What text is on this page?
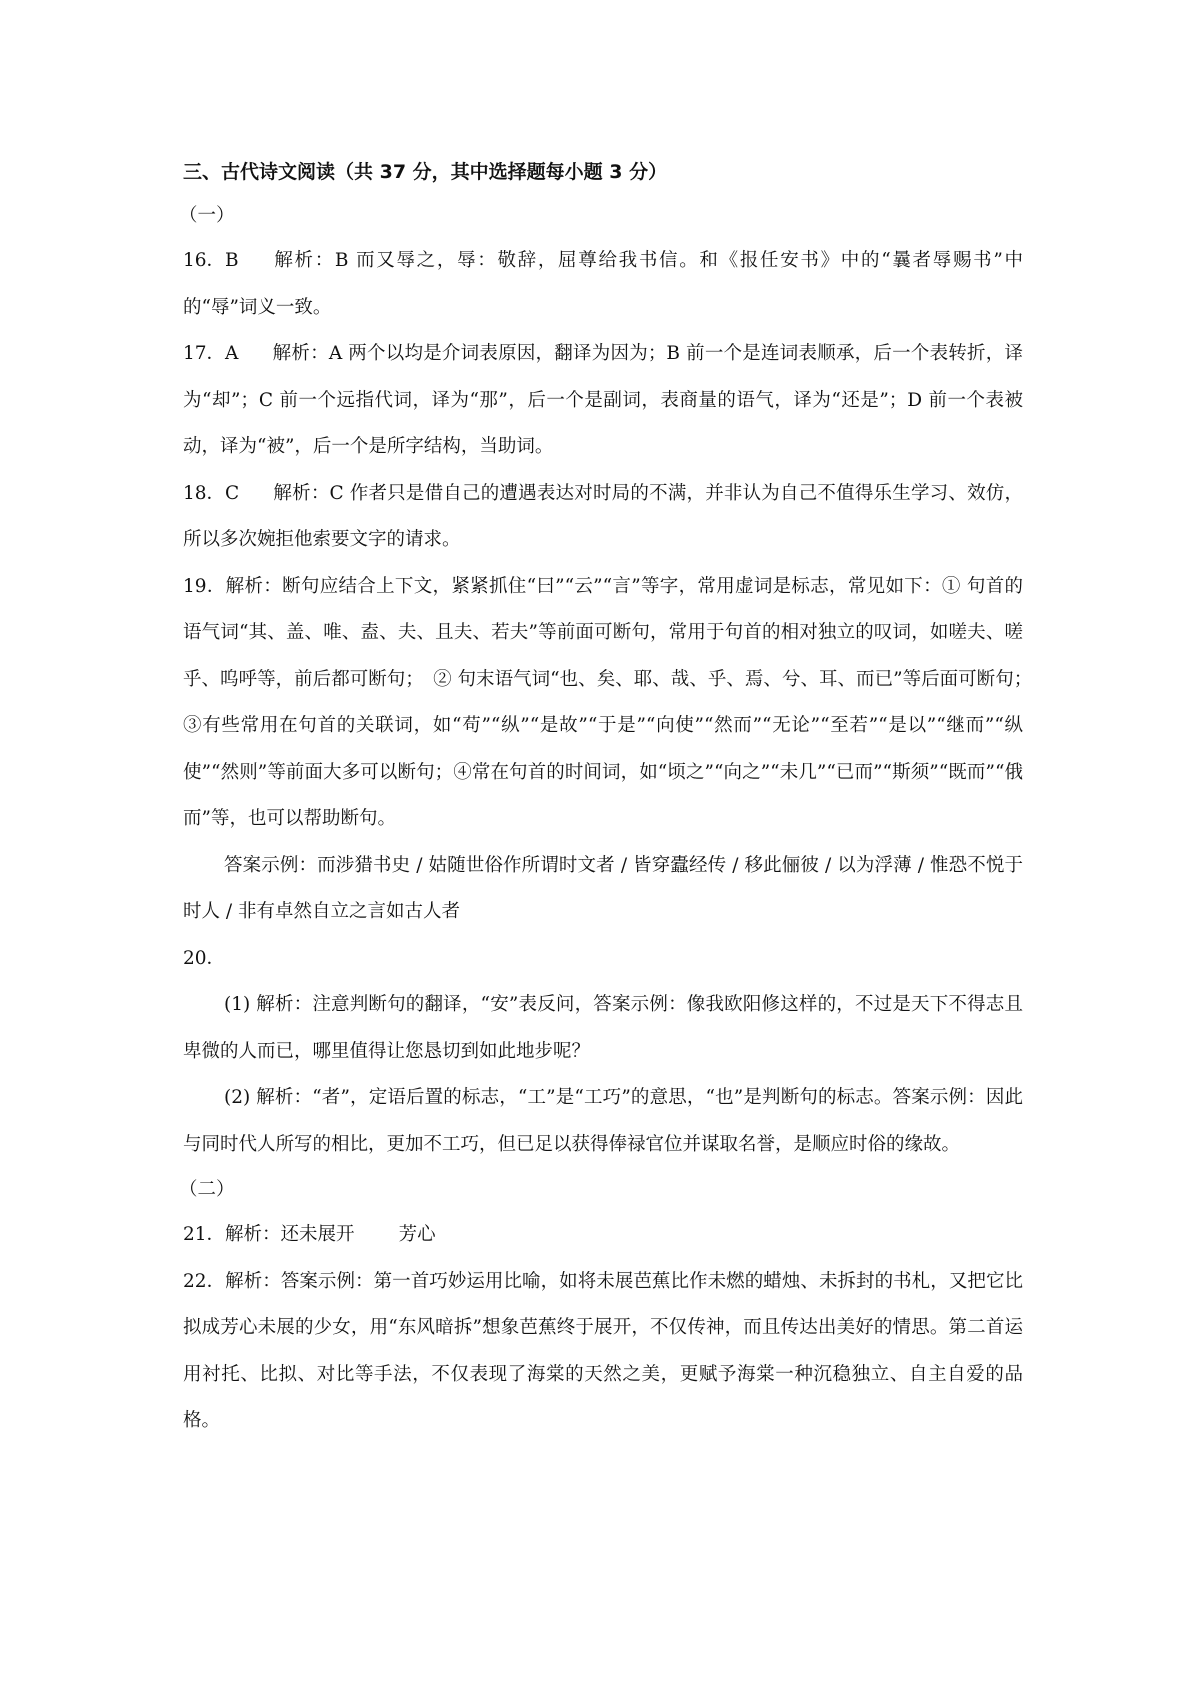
三、古代诗文阅读（共 37 分，其中选择题每小题 3 分）

（一）

16．B 解析：B 而又辱之，辱：敬辞，屈尊给我书信。和《报任安书》中的“曩者辱赐书”中的“辱”词义一致。

17．A 解析：A 两个以均是介词表原因，翻译为因为；B 前一个是连词表顺承，后一个表转折，译为“却”；C 前一个远指代词，译为“那”，后一个是副词，表商量的语气，译为“还是”；D 前一个表被动，译为“被”，后一个是所字结构，当助词。

18．C 解析：C 作者只是借自己的遭遇表达对时局的不满，并非认为自己不值得乐生学习、效仿，所以多次婉拒他索要文字的请求。

19．解析：断句应结合上下文，紧紧抓住“曰”“云”“言”等字，常用虚词是标志，常见如下：① 句首的语气词“其、盖、唯、盍、夫、且夫、若夫”等前面可断句，常用于句首的相对独立的叹词，如嗟夫、嗟乎、呜呼等，前后都可断句；　② 句末语气词“也、矣、耶、哉、乎、焉、兮、耳、而已”等后面可断句；　③有些常用在句首的关联词，如“苟”“纵”“是故”“于是”“向使”“然而”“无论”“至若”“是以”“继而”“纵使”“然则”等前面大多可以断句；④常在句首的时间词，如“顷之”“向之”“未几”“已而”“斯须”“既而”“俄而”等，也可以帮助断句。

答案示例：而涉猎书史 / 姑随世俗作所谓时文者 / 皆穿蠹经传 / 移此俪彼 / 以为浮薄 / 惟恐不悦于时人 / 非有卓然自立之言如古人者

20．

(1) 解析：注意判断句的翻译，“安”表反问，答案示例：像我欧阳修这样的，不过是天下不得志且卑微的人而已，哪里值得让您恳切到如此地步呢？

(2) 解析：“者”，定语后置的标志，“工”是“工巧”的意思，“也”是判断句的标志。答案示例：因此与同时代人所写的相比，更加不工巧，但已足以获得俸禄官位并谋取名誉，是顺应时俗的缘故。

（二）

21．解析：还未展开 芳心

22．解析：答案示例：第一首巧妙运用比喻，如将未展芭蕉比作未燃的蜡烛、未拆封的书札，又把它比拟成芳心未展的少女，用“东风暗拆”想象芭蕉终于展开，不仅传神，而且传达出美好的情思。第二首运用衬托、比拟、对比等手法，不仅表现了海棠的天然之美，更赋予海棠一种沉稳独立、自主自爱的品格。
